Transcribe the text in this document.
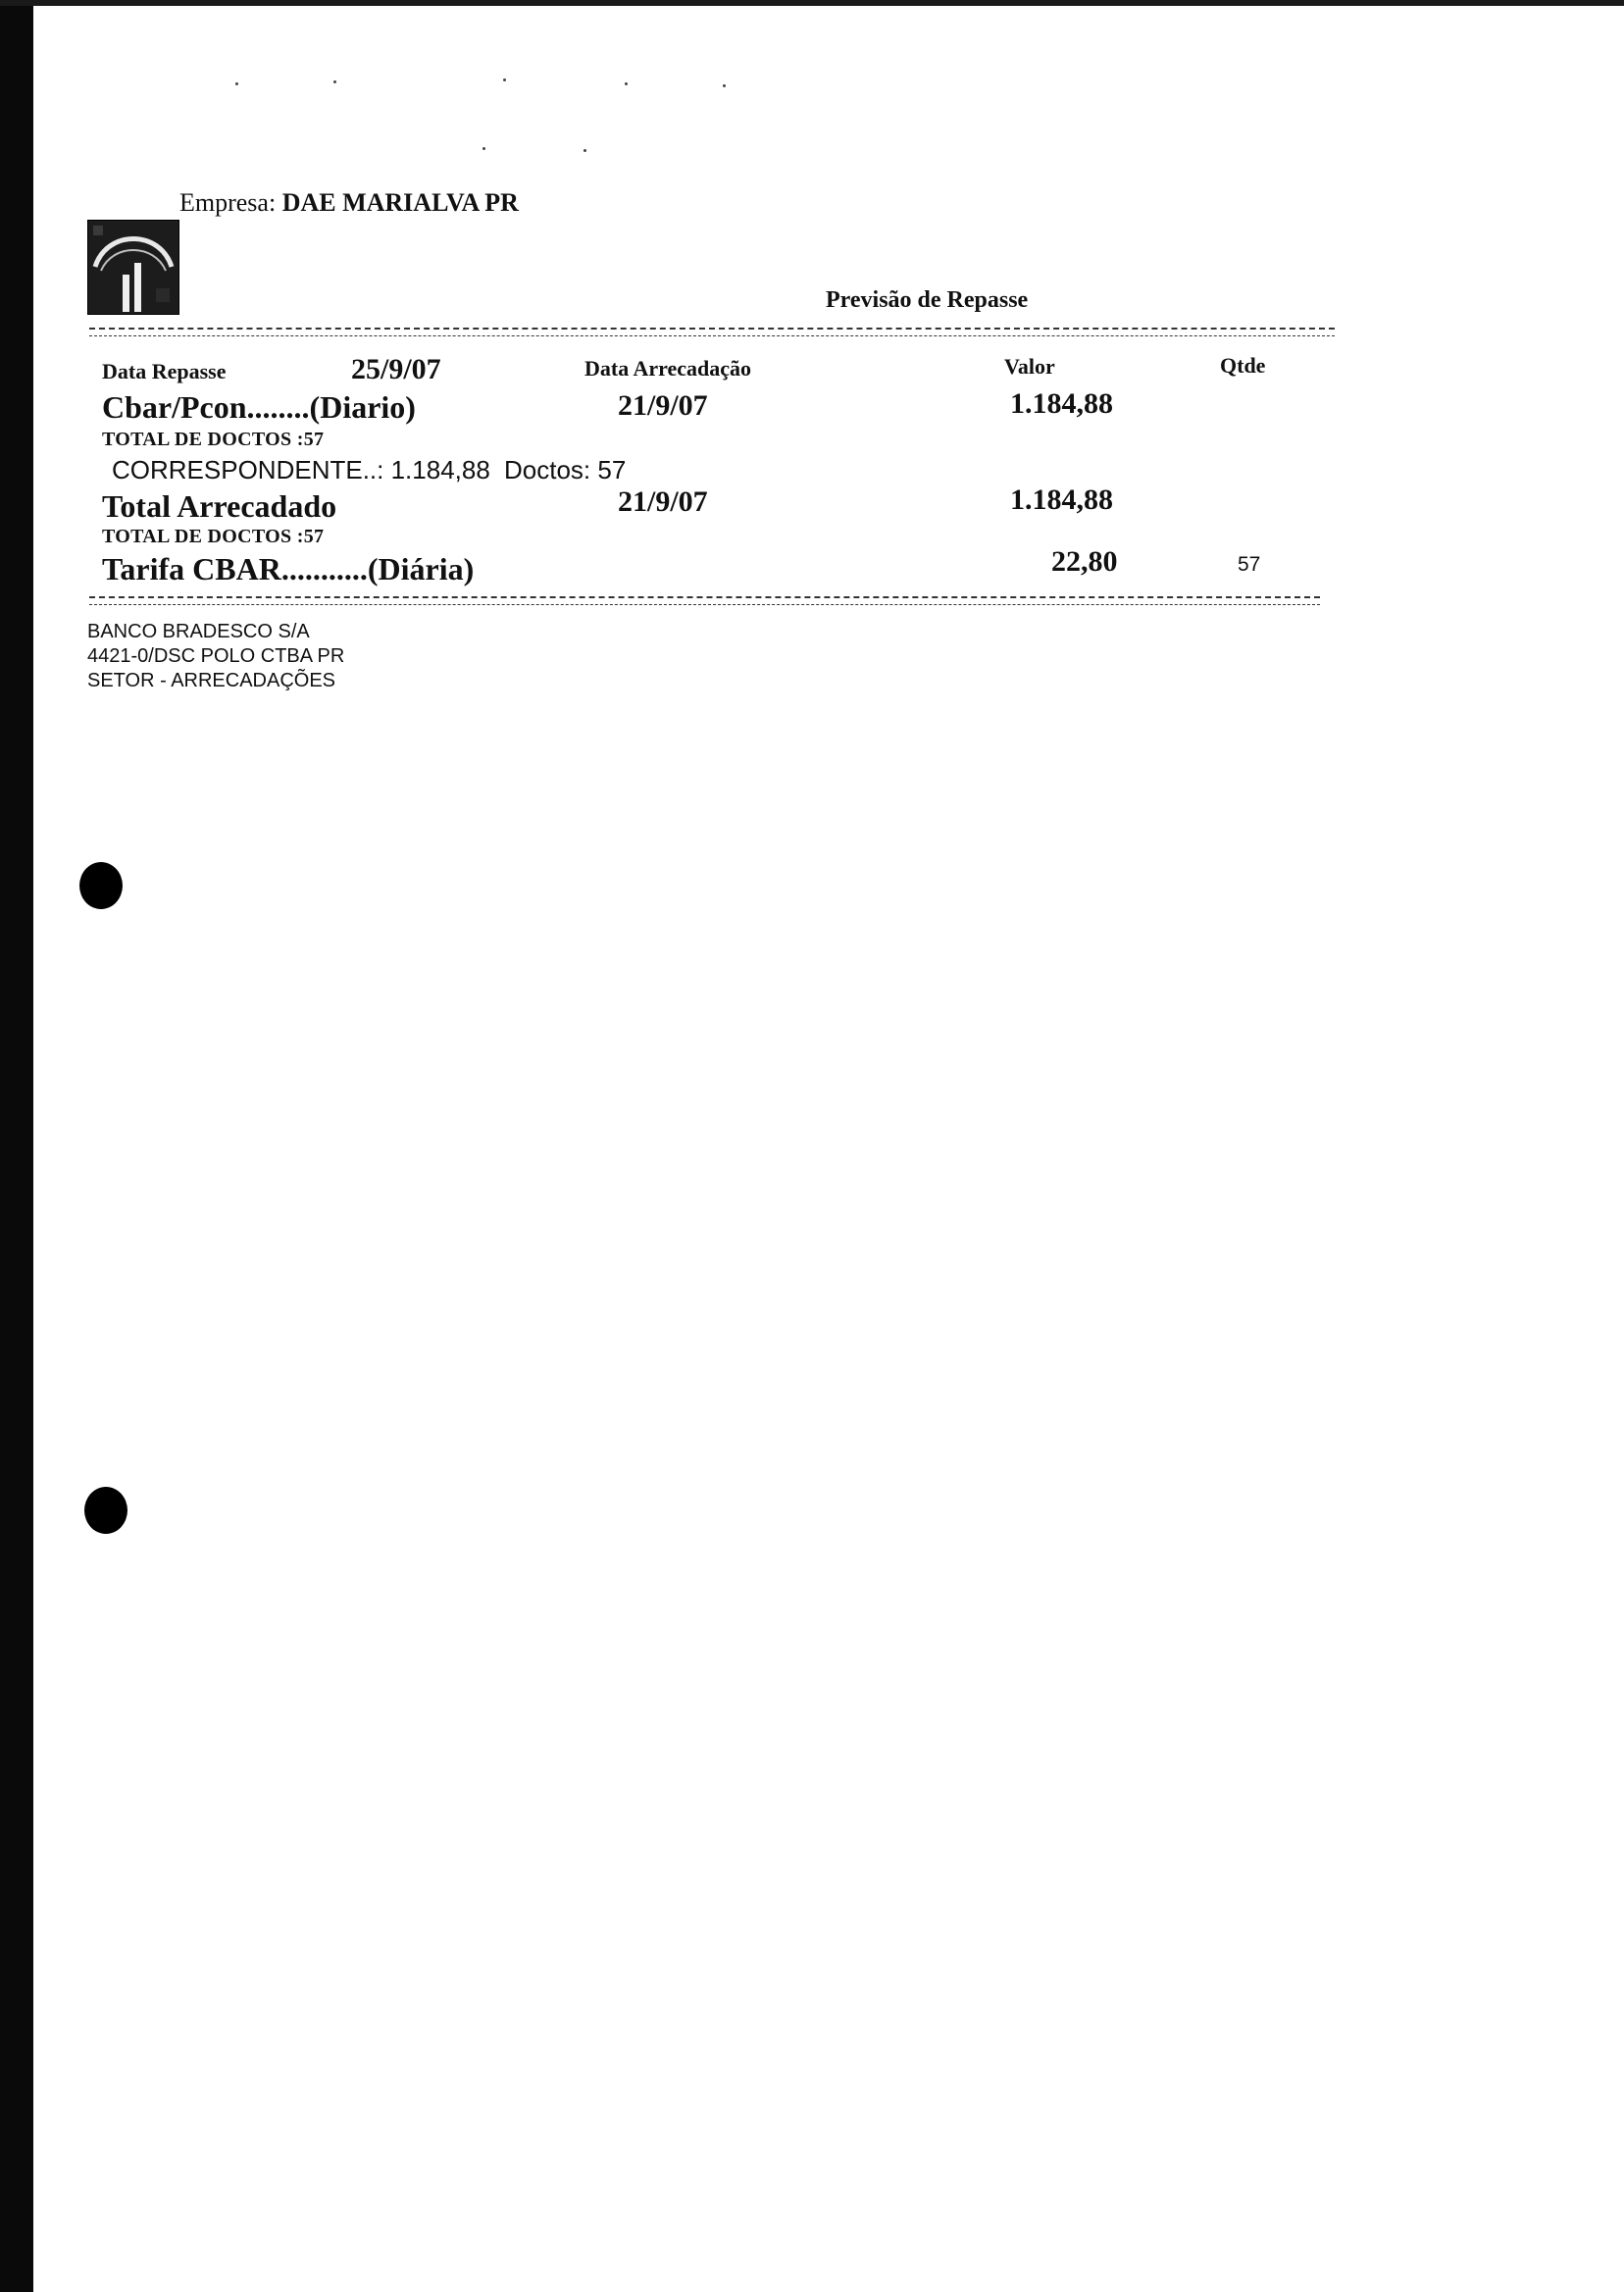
Empresa: DAE MARIALVA PR
Previsão de Repasse
Data Repasse	25/9/07	Data Arrecadação	Valor	Qtde
Cbar/Pcon........(Diario)	21/9/07	1.184,88
TOTAL DE DOCTOS :57
CORRESPONDENTE..: 1.184,88 Doctos: 57
Total Arrecadado	21/9/07	1.184,88
TOTAL DE DOCTOS :57
Tarifa CBAR...........(Diária)	22,80	57
BANCO BRADESCO S/A
4421-0/DSC POLO CTBA PR
SETOR - ARRECADAÇÕES
